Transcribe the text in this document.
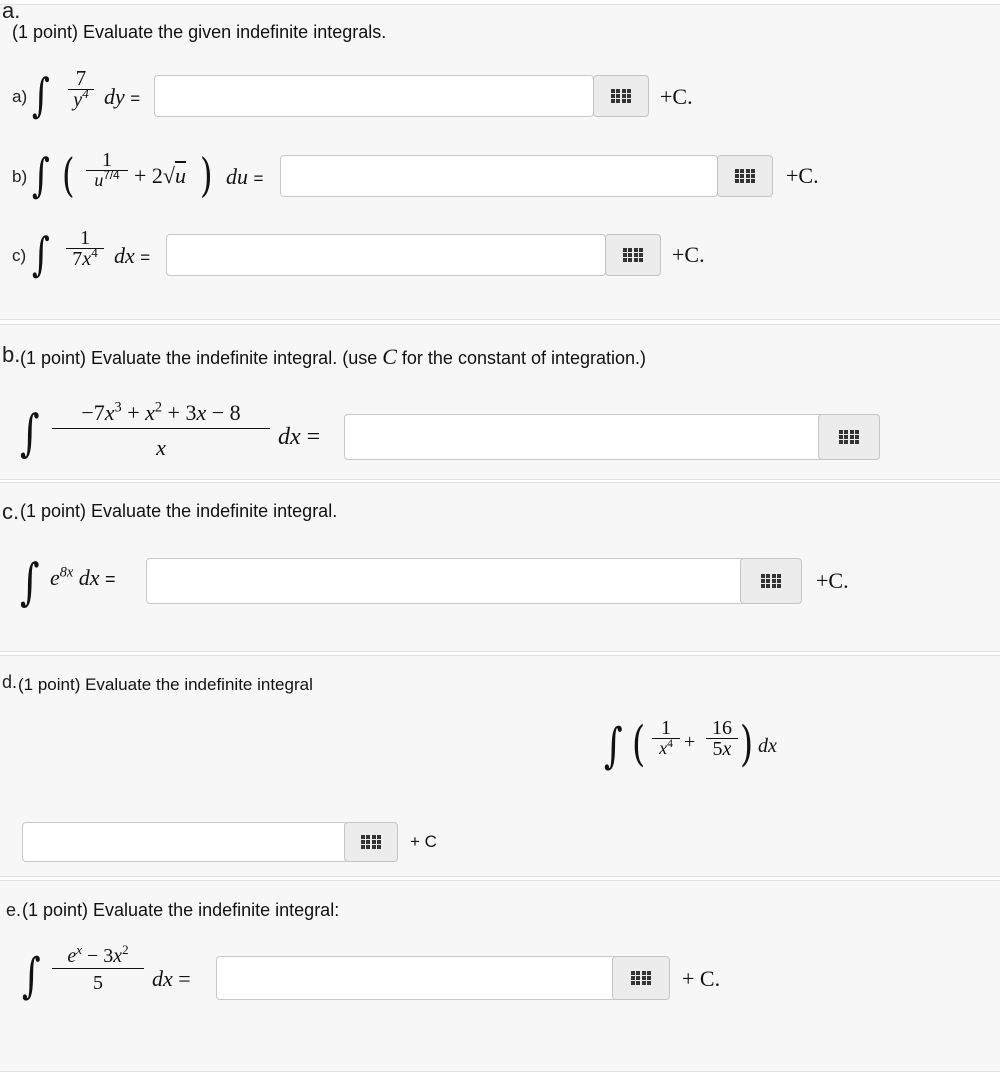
a.
(1 point) Evaluate the given indefinite integrals.
a) ∫	7
$y^4$ dy =	+C.
b) ∫ (	1
$u^{7/4} + 2√u$ ) du =	+C.
c) ∫	1
$7x^4$ dx =	+C.
b. (1 point) Evaluate the indefinite integral. (use C for the constant of integration.)
∫	$-7x^3 + x^2 + 3x - 8$
x	dx =
c. (1 point) Evaluate the indefinite integral.
∫ $e^{8x}$ dx =	+C.
d. (1 point) Evaluate the indefinite integral
∫ ( 1
$x^4$ +
16
5x ) dx
+ C
e. (1 point) Evaluate the indefinite integral:
∫	$e^x - 3x^2$
5	dx =	+ C.
